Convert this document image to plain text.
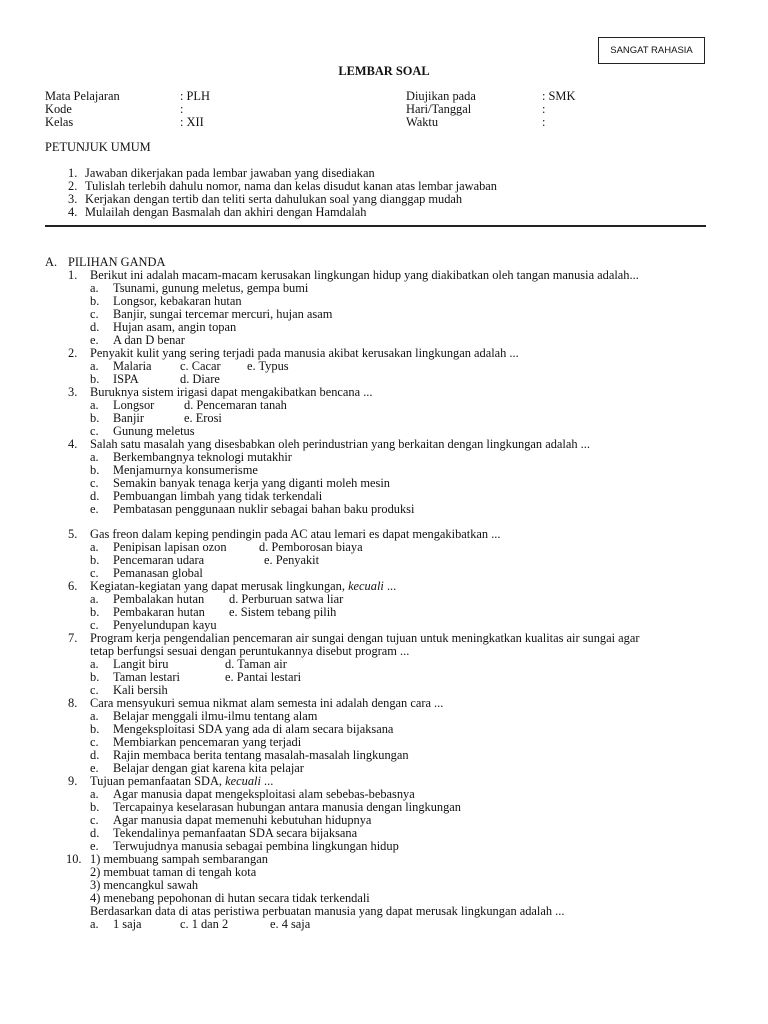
SANGAT RAHASIA
LEMBAR SOAL
Mata Pelajaran	: PLH
Kode	:
Kelas	: XII
Diujikan pada	: SMK
Hari/Tanggal	:
Waktu	:
PETUNJUK UMUM
1. Jawaban dikerjakan pada lembar jawaban yang disediakan
2. Tulislah terlebih dahulu nomor, nama dan kelas disudut kanan atas lembar jawaban
3. Kerjakan dengan tertib dan teliti serta dahulukan soal yang dianggap mudah
4. Mulailah dengan Basmalah dan akhiri dengan Hamdalah
A. PILIHAN GANDA
1. Berikut ini adalah macam-macam kerusakan lingkungan hidup yang diakibatkan oleh tangan manusia adalah...
a.	Tsunami, gunung meletus, gempa bumi
b.	Longsor, kebakaran hutan
c.	Banjir, sungai tercemar mercuri, hujan asam
d.	Hujan asam, angin topan
e.	A dan D benar
2. Penyakit kulit yang sering terjadi pada manusia akibat kerusakan lingkungan adalah ...
a.	Malaria c. Cacar e. Typus
b.	ISPA	d. Diare
3. Buruknya sistem irigasi dapat mengakibatkan bencana ...
a.	Longsor d. Pencemaran tanah
b.	Banjir	e. Erosi
c.	Gunung meletus
4. Salah satu masalah yang disesbabkan oleh perindustrian yang berkaitan dengan lingkungan adalah ...
a.	Berkembangnya teknologi mutakhir
b.	Menjamurnya konsumerisme
c.	Semakin banyak tenaga kerja yang diganti moleh mesin
d.	Pembuangan limbah yang tidak terkendali
e.	Pembatasan penggunaan nuklir sebagai bahan baku produksi
5. Gas freon dalam keping pendingin pada AC atau lemari es dapat mengakibatkan ...
a.	Penipisan lapisan ozon	d. Pemborosan biaya
b.	Pencemaran udara	e. Penyakit
c.	Pemanasan global
6. Kegiatan-kegiatan yang dapat merusak lingkungan, kecuali ...
a.	Pembalakan hutan d. Perburuan satwa liar
b.	Pembakaran hutan e. Sistem tebang pilih
c.	Penyelundupan kayu
7. Program kerja pengendalian pencemaran air sungai dengan tujuan untuk meningkatkan kualitas air sungai agar
tetap berfungsi sesuai dengan peruntukannya disebut program ...
a.	Langit biru	d. Taman air
b.	Taman lestari	e. Pantai lestari
c.	Kali bersih
8. Cara mensyukuri semua nikmat alam semesta ini adalah dengan cara ...
a.	Belajar menggali ilmu-ilmu tentang alam
b.	Mengeksploitasi SDA yang ada di alam secara bijaksana
c.	Membiarkan pencemaran yang terjadi
d.	Rajin membaca berita tentang masalah-masalah lingkungan
e.	Belajar dengan giat karena kita pelajar
9. Tujuan pemanfaatan SDA, kecuali ...
a.	Agar manusia dapat mengeksploitasi alam sebebas-bebasnya
b.	Tercapainya keselarasan hubungan antara manusia dengan lingkungan
c.	Agar manusia dapat memenuhi kebutuhan hidupnya
d.	Tekendalinya pemanfaatan SDA secara bijaksana
e.	Terwujudnya manusia sebagai pembina lingkungan hidup
10. 1) membuang sampah sembarangan
2) membuat taman di tengah kota
3) mencangkul sawah
4) menebang pepohonan di hutan secara tidak terkendali
Berdasarkan data di atas peristiwa perbuatan manusia yang dapat merusak lingkungan adalah ...
a.	1 saja	c. 1 dan 2	e. 4 saja
